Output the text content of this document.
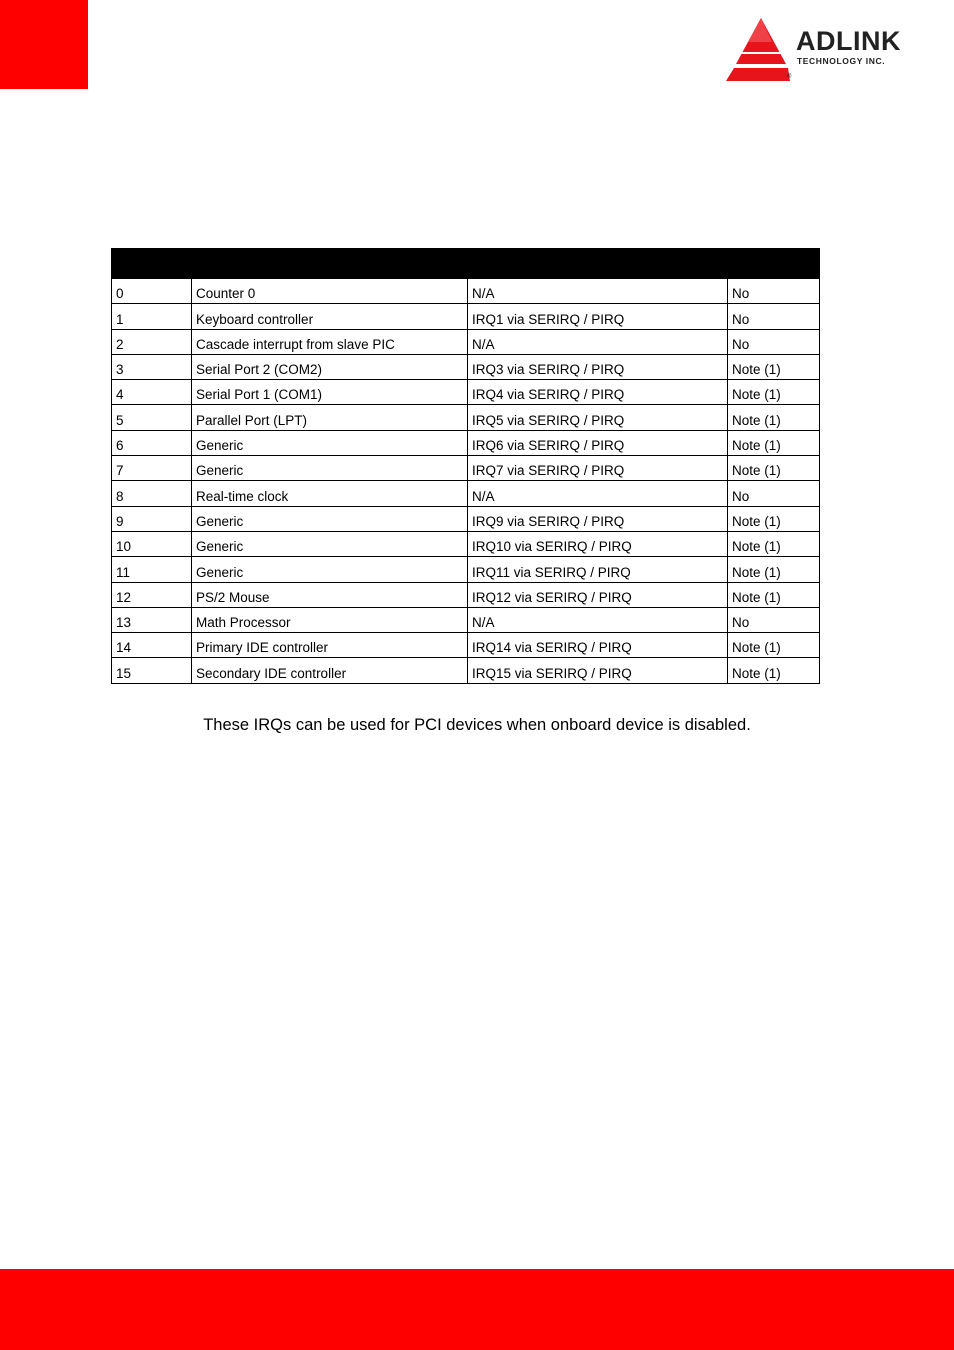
ADLINK
TECHNOLOGY INC.
®

0	Counter 0	N/A	No
1	Keyboard controller	IRQ1 via SERIRQ / PIRQ	No
2	Cascade interrupt from slave PIC	N/A	No
3	Serial Port 2 (COM2)	IRQ3 via SERIRQ / PIRQ	Note (1)
4	Serial Port 1 (COM1)	IRQ4 via SERIRQ / PIRQ	Note (1)
5	Parallel Port (LPT)	IRQ5 via SERIRQ / PIRQ	Note (1)
6	Generic	IRQ6 via SERIRQ / PIRQ	Note (1)
7	Generic	IRQ7 via SERIRQ / PIRQ	Note (1)
8	Real-time clock	N/A	No
9	Generic	IRQ9 via SERIRQ / PIRQ	Note (1)
10	Generic	IRQ10 via SERIRQ / PIRQ	Note (1)
11	Generic	IRQ11 via SERIRQ / PIRQ	Note (1)
12	PS/2 Mouse	IRQ12 via SERIRQ / PIRQ	Note (1)
13	Math Processor	N/A	No
14	Primary IDE controller	IRQ14 via SERIRQ / PIRQ	Note (1)
15	Secondary IDE controller	IRQ15 via SERIRQ / PIRQ	Note (1)
These IRQs can be used for PCI devices when onboard device is disabled.
